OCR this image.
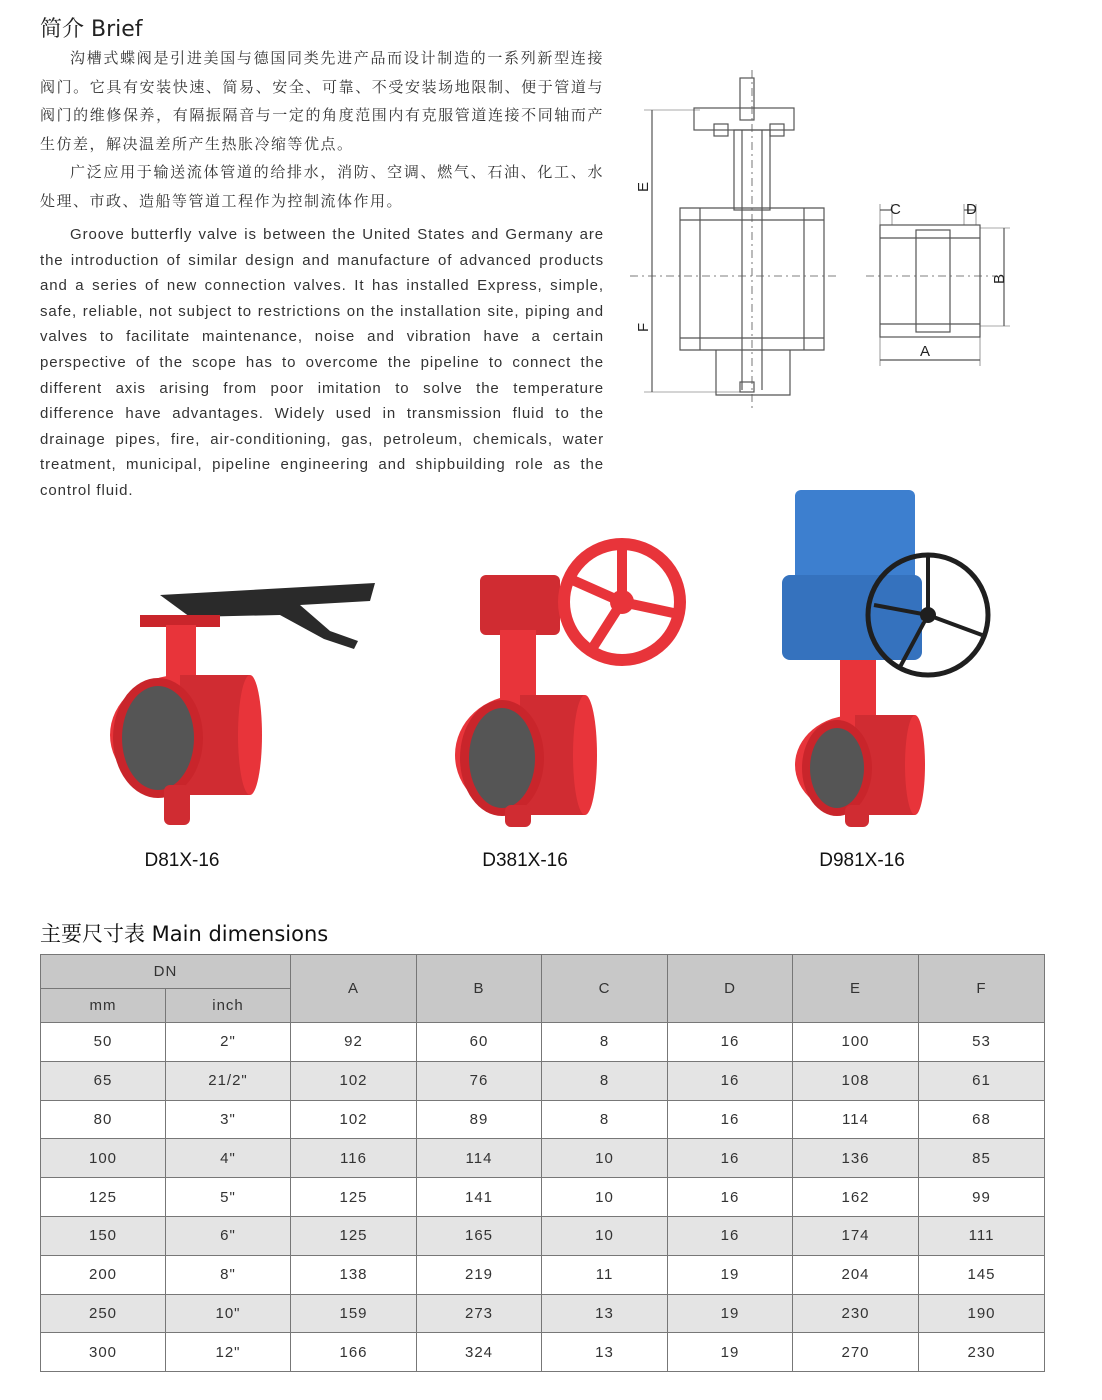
简介 Brief

沟槽式蝶阀是引进美国与德国同类先进产品而设计制造的一系列新型连接阀门。它具有安装快速、简易、安全、可靠、不受安装场地限制、便于管道与阀门的维修保养，有隔振隔音与一定的角度范围内有克服管道连接不同轴而产生仿差，解决温差所产生热胀冷缩等优点。

广泛应用于输送流体管道的给排水，消防、空调、燃气、石油、化工、水处理、市政、造船等管道工程作为控制流体作用。

Groove butterfly valve is between the United States and Germany are the introduction of similar design and manufacture of advanced products and a series of new connection valves. It has installed Express, simple, safe, reliable, not subject to restrictions on the installation site, piping and valves to facilitate maintenance, noise and vibration have a certain perspective of the scope has to overcome the pipeline to connect the different axis arising from poor imitation to solve the temperature difference have advantages. Widely used in transmission fluid to the drainage pipes, fire, air-conditioning, gas, petroleum, chemicals, water treatment, municipal, pipeline engineering and shipbuilding role as the control fluid.

E
F
C	D
B
A
D81X-16	D381X-16	D981X-16
主要尺寸表 Main dimensions
DN		A	B	C	D	E	F
mm	inch						
50	2"	92	60	8	16	100	53
65	21/2"	102	76	8	16	108	61
80	3"	102	89	8	16	114	68
100	4"	116	114	10	16	136	85
125	5"	125	141	10	16	162	99
150	6"	125	165	10	16	174	111
200	8"	138	219	11	19	204	145
250	10"	159	273	13	19	230	190
300	12"	166	324	13	19	270	230
